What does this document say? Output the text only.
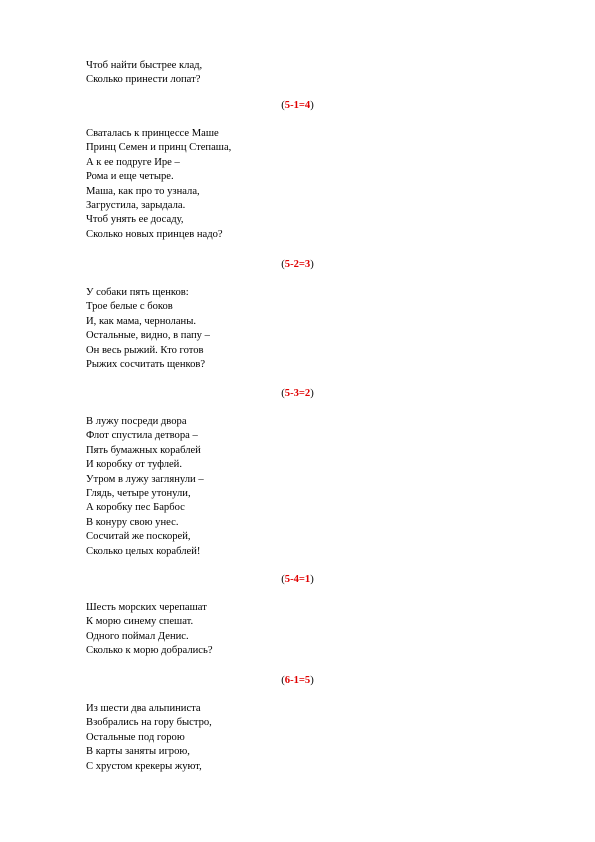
Чтоб найти быстрее клад,
Сколько принести лопат?
(5-1=4)
Сваталась к принцессе Маше
Принц Семен и принц Степаша,
А к ее подруге Ире –
Рома и еще четыре.
Маша, как про то узнала,
Загрустила, зарыдала.
Чтоб унять ее досаду,
Сколько новых принцев надо?
(5-2=3)
У собаки пять щенков:
Трое белые с боков
И, как мама, черноланы.
Остальные, видно, в папу –
Он весь рыжий. Кто готов
Рыжих сосчитать щенков?
(5-3=2)
В лужу посреди двора
Флот спустила детвора –
Пять бумажных кораблей
И коробку от туфлей.
Утром в лужу заглянули –
Глядь, четыре утонули,
А коробку пес Барбос
В конуру свою унес.
Сосчитай же поскорей,
Сколько целых кораблей!
(5-4=1)
Шесть морских черепашат
К морю синему спешат.
Одного поймал Денис.
Сколько к морю добрались?
(6-1=5)
Из шести два альпиниста
Взобрались на гору быстро,
Остальные под горою
В карты заняты игрою,
С хрустом крекеры жуют,
